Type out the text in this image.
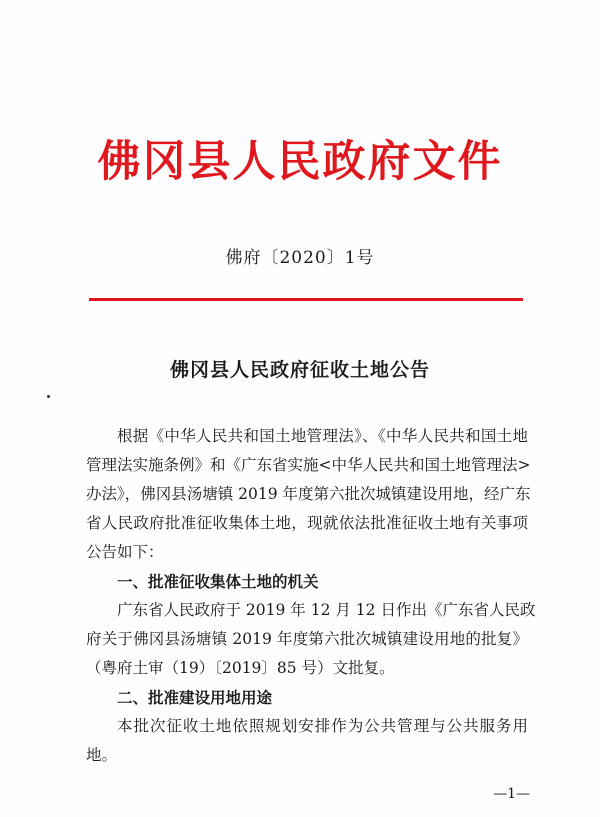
佛冈县人民政府文件
佛府〔2020〕1号
佛冈县人民政府征收土地公告
根据《中华人民共和国土地管理法》、《中华人民共和国土地
管理法实施条例》和《广东省实施<中华人民共和国土地管理法>
办法》，佛冈县汤塘镇 2019 年度第六批次城镇建设用地，经广东
省人民政府批准征收集体土地，现就依法批准征收土地有关事项
公告如下：
一、批准征收集体土地的机关
广东省人民政府于 2019 年 12 月 12 日作出《广东省人民政
府关于佛冈县汤塘镇 2019 年度第六批次城镇建设用地的批复》
（粤府土审（19）〔2019〕85 号）文批复。
二、批准建设用地用途
本批次征收土地依照规划安排作为公共管理与公共服务用
地。
—1—
